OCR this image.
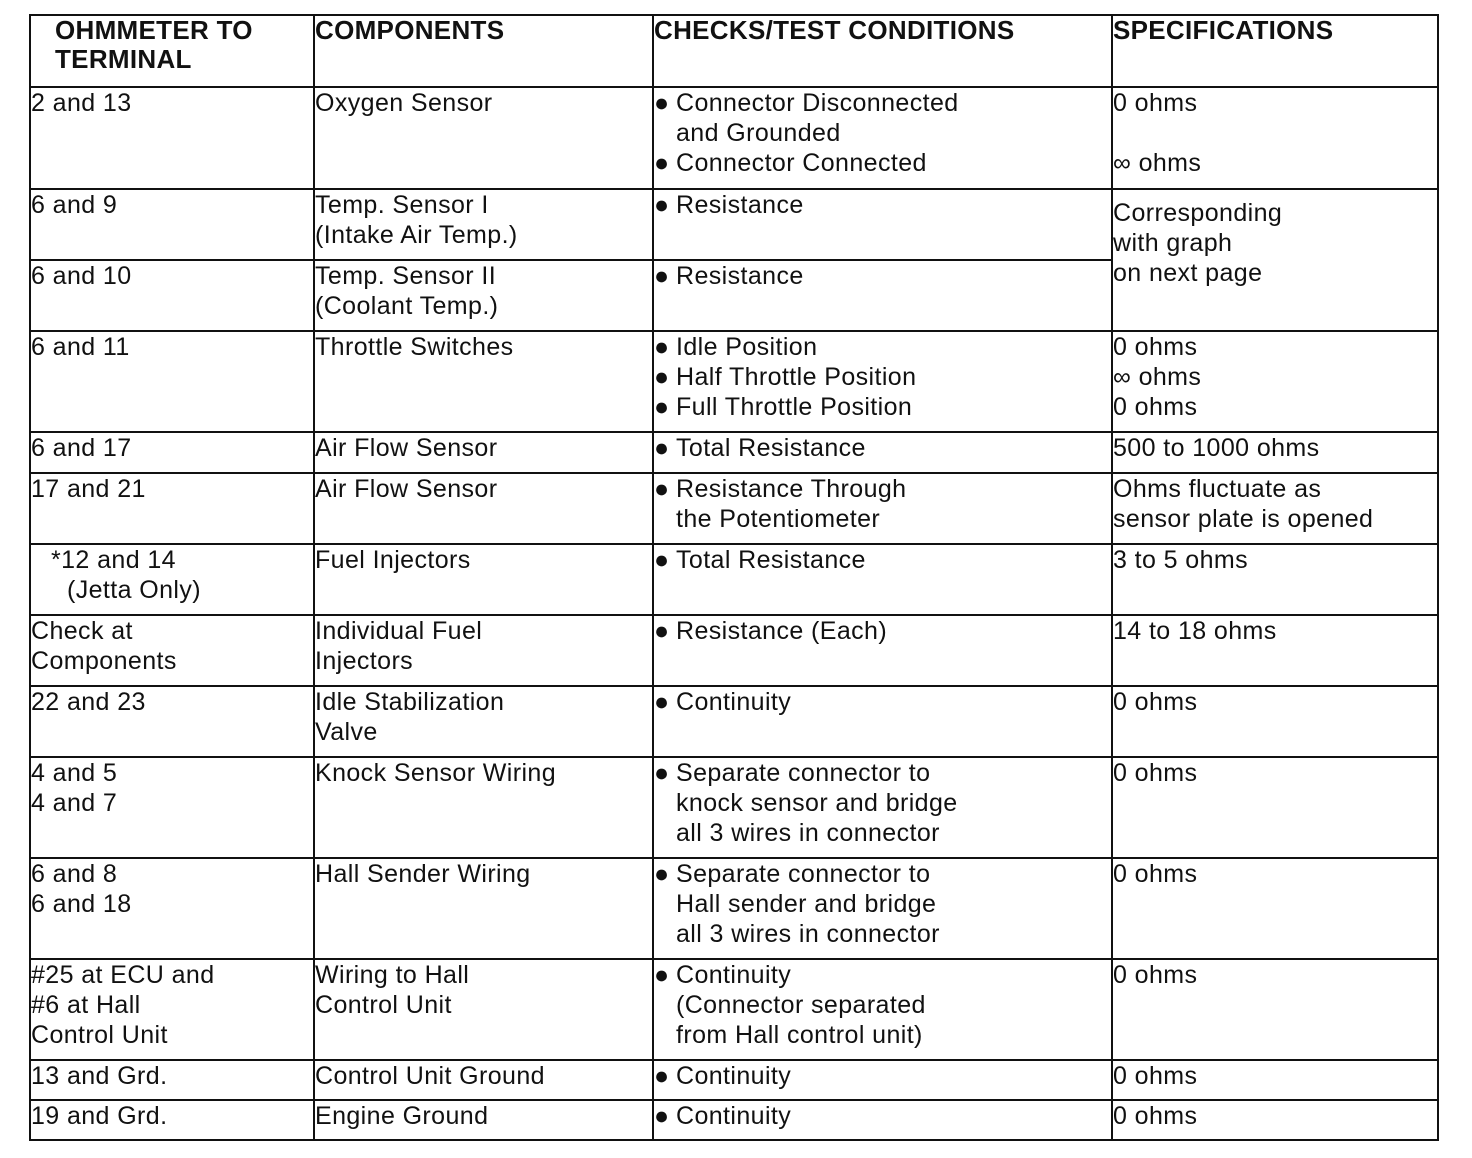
OHMMETER TO
TERMINAL	COMPONENTS	CHECKS/TEST CONDITIONS	SPECIFICATIONS

2 and 13	Oxygen Sensor	● Connector Disconnected
and Grounded
● Connector Connected	0 ohms
∞ ohms

6 and 9	Temp. Sensor I
(Intake Air Temp.)	● Resistance	Corresponding
with graph
on next page

6 and 10	Temp. Sensor II
(Coolant Temp.)	● Resistance	

6 and 11	Throttle Switches	● Idle Position
● Half Throttle Position
● Full Throttle Position	0 ohms
∞ ohms
0 ohms

6 and 17	Air Flow Sensor	● Total Resistance	500 to 1000 ohms

17 and 21	Air Flow Sensor	● Resistance Through
the Potentiometer	Ohms fluctuate as
sensor plate is opened

*12 and 14
(Jetta Only)	Fuel Injectors	● Total Resistance	3 to 5 ohms

Check at
Components	Individual Fuel
Injectors	● Resistance (Each)	14 to 18 ohms

22 and 23	Idle Stabilization
Valve	● Continuity	0 ohms

4 and 5
4 and 7	Knock Sensor Wiring	● Separate connector to
knock sensor and bridge
all 3 wires in connector	0 ohms

6 and 8
6 and 18	Hall Sender Wiring	● Separate connector to
Hall sender and bridge
all 3 wires in connector	0 ohms

#25 at ECU and
#6 at Hall
Control Unit	Wiring to Hall
Control Unit	● Continuity
(Connector separated
from Hall control unit)	0 ohms

13 and Grd.	Control Unit Ground	● Continuity	0 ohms

19 and Grd.	Engine Ground	● Continuity	0 ohms
